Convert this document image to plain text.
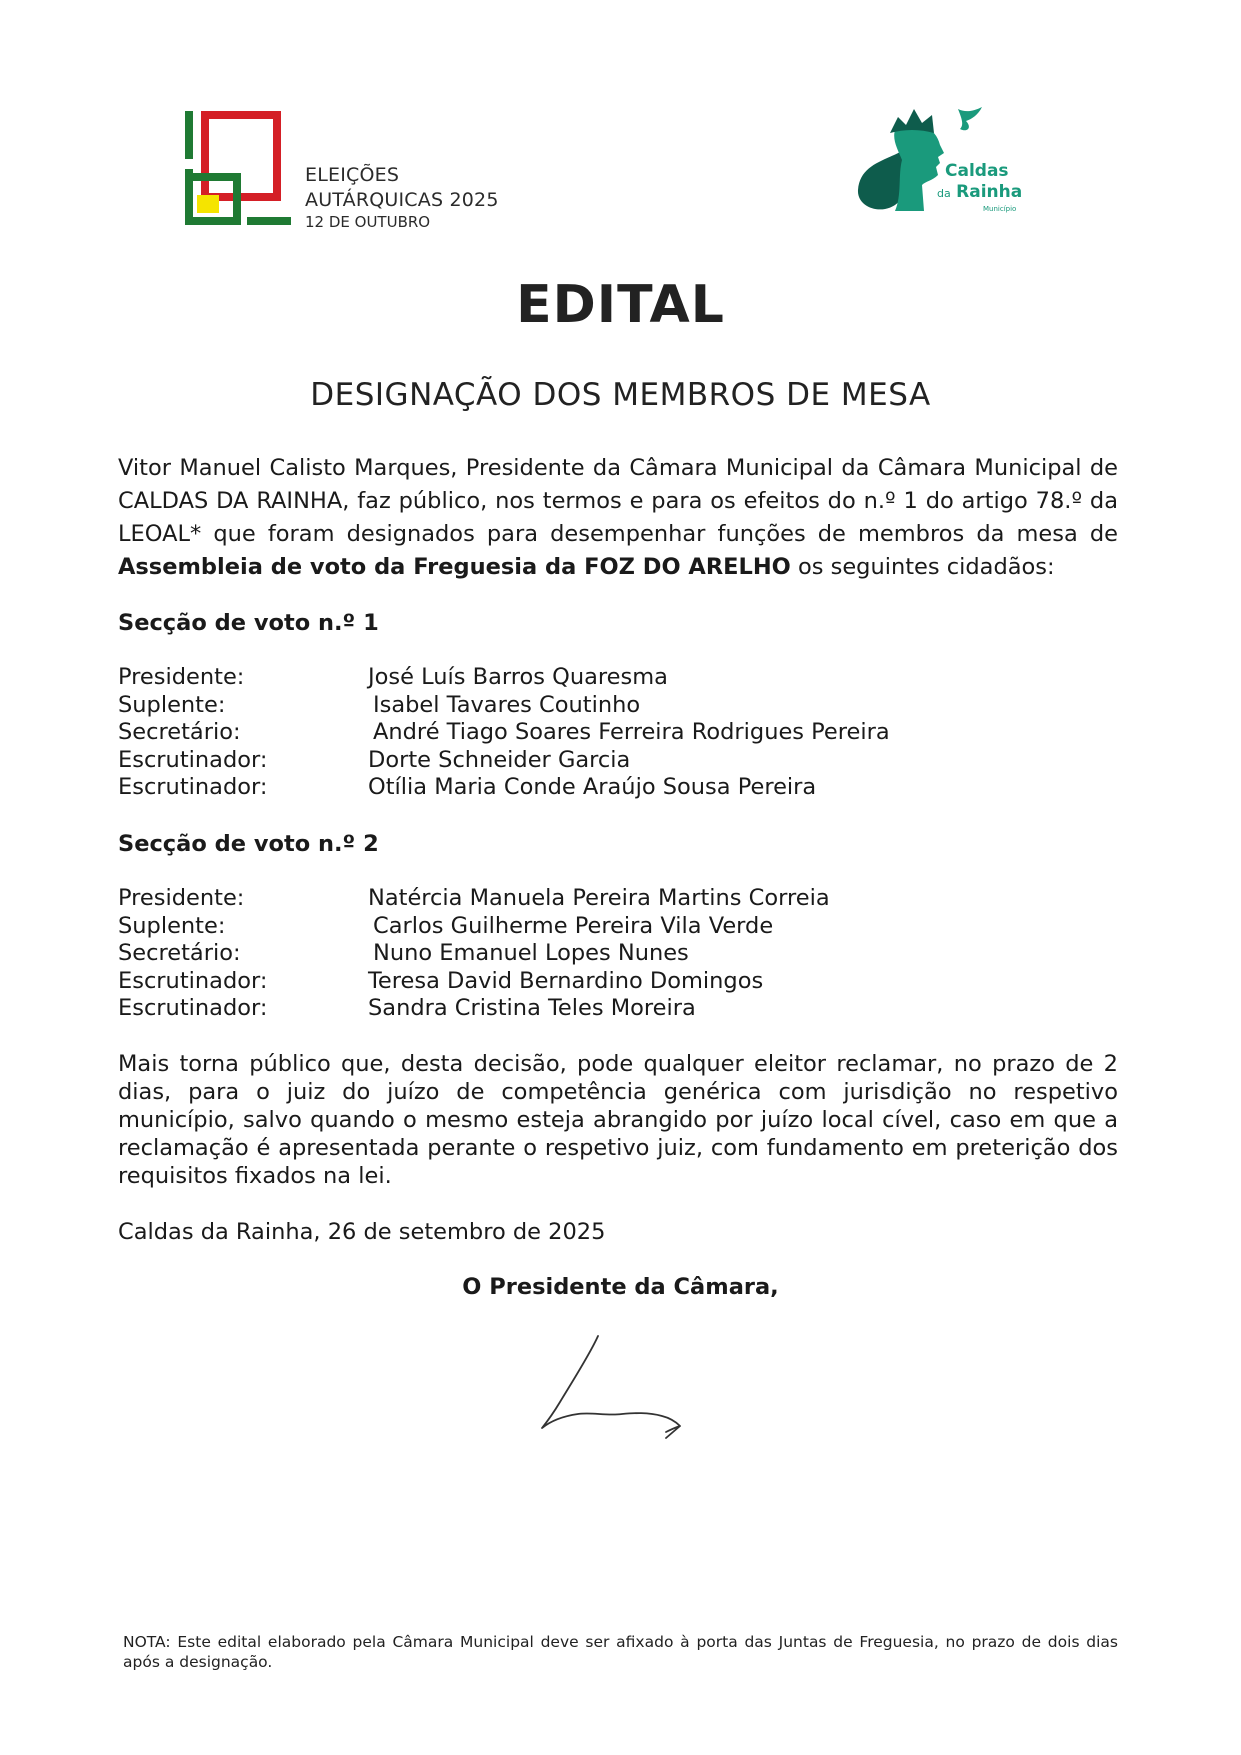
ELEIÇÕES
AUTÁRQUICAS 2025
12 DE OUTUBRO
Caldas
da Rainha
Município
EDITAL
DESIGNAÇÃO DOS MEMBROS DE MESA
Vitor Manuel Calisto Marques, Presidente da Câmara Municipal da Câmara Municipal de CALDAS DA RAINHA, faz público, nos termos e para os efeitos do n.º 1 do artigo 78.º da LEOAL* que foram designados para desempenhar funções de membros da mesa de Assembleia de voto da Freguesia da FOZ DO ARELHO os seguintes cidadãos:
Secção de voto n.º 1
Presidente:	José Luís Barros Quaresma
Suplente:	Isabel Tavares Coutinho
Secretário:	André Tiago Soares Ferreira Rodrigues Pereira
Escrutinador:	Dorte Schneider Garcia
Escrutinador:	Otília Maria Conde Araújo Sousa Pereira
Secção de voto n.º 2
Presidente:	Natércia Manuela Pereira Martins Correia
Suplente:	Carlos Guilherme Pereira Vila Verde
Secretário:	Nuno Emanuel Lopes Nunes
Escrutinador:	Teresa David Bernardino Domingos
Escrutinador:	Sandra Cristina Teles Moreira
Mais torna público que, desta decisão, pode qualquer eleitor reclamar, no prazo de 2 dias, para o juiz do juízo de competência genérica com jurisdição no respetivo município, salvo quando o mesmo esteja abrangido por juízo local cível, caso em que a reclamação é apresentada perante o respetivo juiz, com fundamento em preterição dos requisitos fixados na lei.
Caldas da Rainha, 26 de setembro de 2025
O Presidente da Câmara,
NOTA: Este edital elaborado pela Câmara Municipal deve ser afixado à porta das Juntas de Freguesia, no prazo de dois dias após a designação.
